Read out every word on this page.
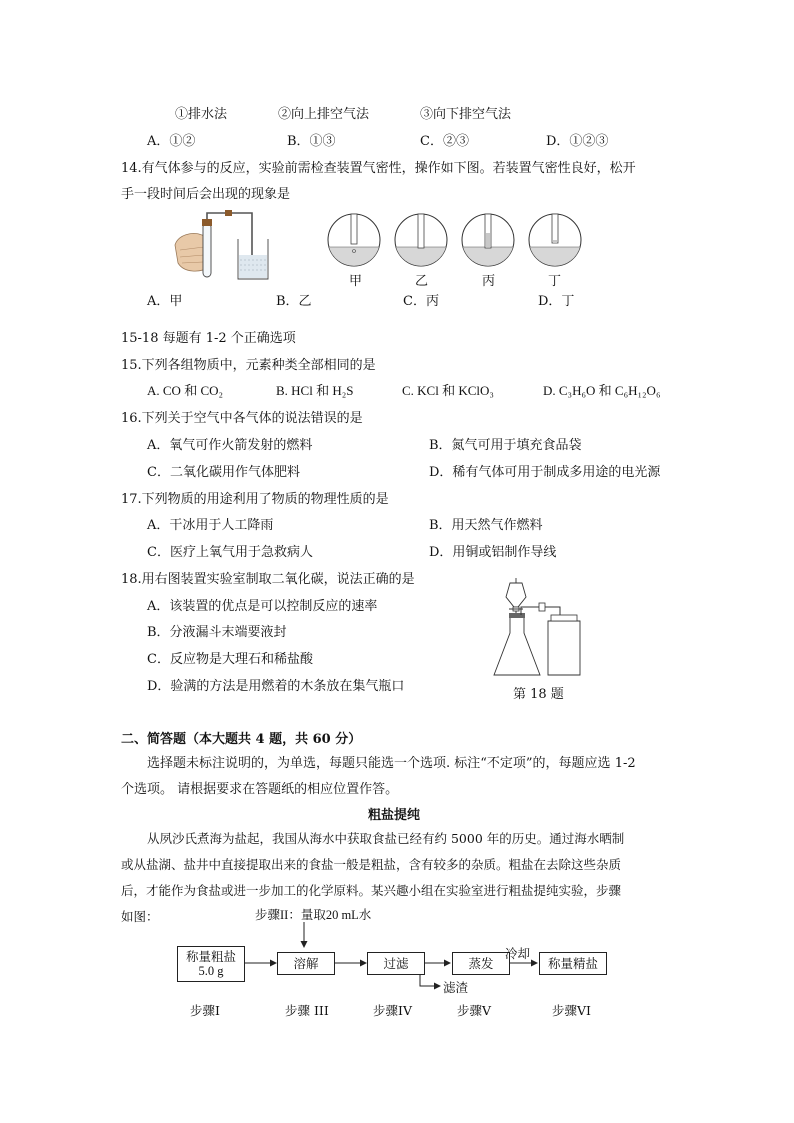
①排水法	②向上排空气法	③向下排空气法
A．①②	B．①③	C．②③	D．①②③
14.有气体参与的反应，实验前需检查装置气密性，操作如下图。若装置气密性良好，松开
手一段时间后会出现的现象是
甲	乙	丙	丁
A．甲	B．乙	C．丙	D．丁
15-18 每题有 1-2 个正确选项
15.下列各组物质中，元素种类全部相同的是
A. CO 和 CO₂	B. HCl 和 H₂S	C. KCl 和 KClO₃	D. C₃H₆O 和 C₆H₁₂O₆
16.下列关于空气中各气体的说法错误的是
A．氧气可作火箭发射的燃料	B．氮气可用于填充食品袋
C．二氧化碳用作气体肥料	D．稀有气体可用于制成多用途的电光源
17.下列物质的用途利用了物质的物理性质的是
A．干冰用于人工降雨	B．用天然气作燃料
C．医疗上氧气用于急救病人	D．用铜或铝制作导线
18.用右图装置实验室制取二氧化碳，说法正确的是
A．该装置的优点是可以控制反应的速率
B．分液漏斗末端要液封
C．反应物是大理石和稀盐酸
D．验满的方法是用燃着的木条放在集气瓶口
第 18 题
二、简答题（本大题共 4 题，共 60 分）
选择题未标注说明的，为单选，每题只能选一个选项. 标注“不定项”的，每题应选 1-2
个选项。 请根据要求在答题纸的相应位置作答。
粗盐提纯
从夙沙氏煮海为盐起，我国从海水中获取食盐已经有约 5000 年的历史。通过海水晒制
或从盐湖、盐井中直接提取出来的食盐一般是粗盐，含有较多的杂质。粗盐在去除这些杂质
后，才能作为食盐或进一步加工的化学原料。某兴趣小组在实验室进行粗盐提纯实验，步骤
如图：	步骤II：量取20 mL水
称量粗盐
5.0 g	溶解	过滤	蒸发	称量精盐
冷却
滤渣
步骤I	步骤 III	步骤IV	步骤V	步骤VI
